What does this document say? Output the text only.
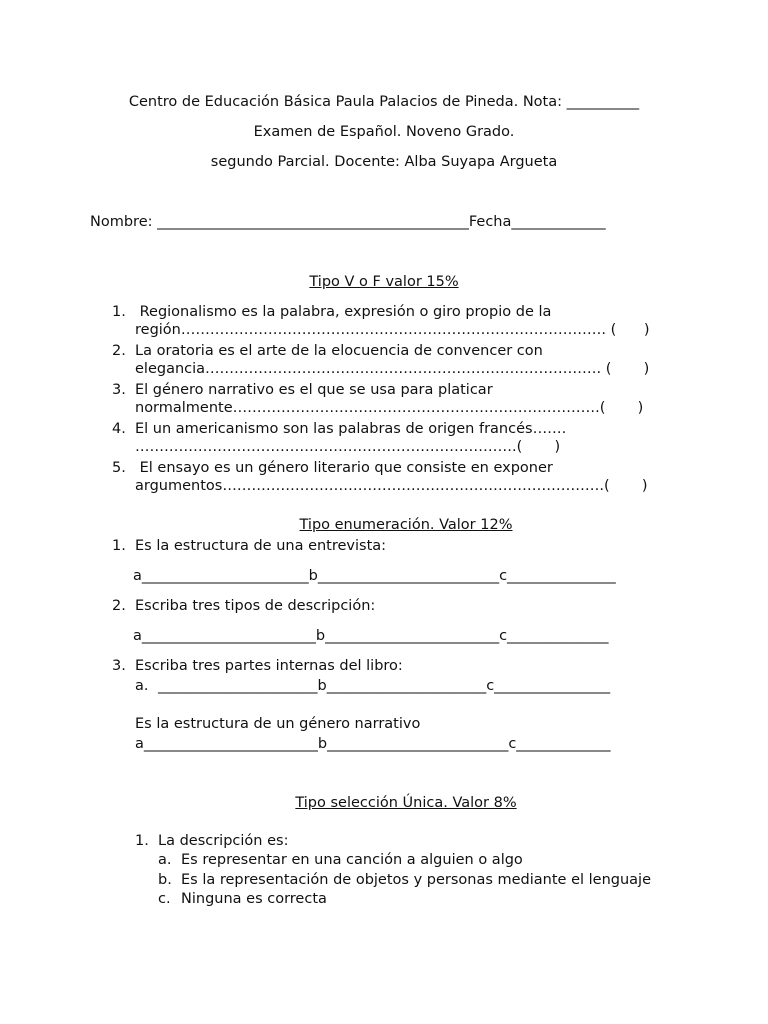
Centro de Educación Básica Paula Palacios de Pineda. Nota: __________
Examen de Español. Noveno Grado.
segundo Parcial. Docente: Alba Suyapa Argueta
Nombre: ___________________________________________Fecha_____________
Tipo V o F valor 15%
1. Regionalismo es la palabra, expresión o giro propio de la
región……………………………………………………………………………. (      )
2. La oratoria es el arte de la elocuencia de convencer con
elegancia………………………………………………………………………. (       )
3. El género narrativo es el que se usa para platicar
normalmente………………………………………………………………….(       )
4. El un americanismo son las palabras de origen francés…….
…………………………………………………………………….(       )
5. El ensayo es un género literario que consiste en exponer
argumentos…………………………………………………………………….(       )
Tipo enumeración. Valor 12%
1. Es la estructura de una entrevista:
a_______________________b_________________________c_______________
2. Escriba tres tipos de descripción:
a________________________b________________________c______________
3. Escriba tres partes internas del libro:
a. ______________________b______________________c________________
Es la estructura de un género narrativo
a________________________b_________________________c_____________
Tipo selección Única. Valor 8%
1. La descripción es:
a. Es representar en una canción a alguien o algo
b. Es la representación de objetos y personas mediante el lenguaje
c. Ninguna es correcta
